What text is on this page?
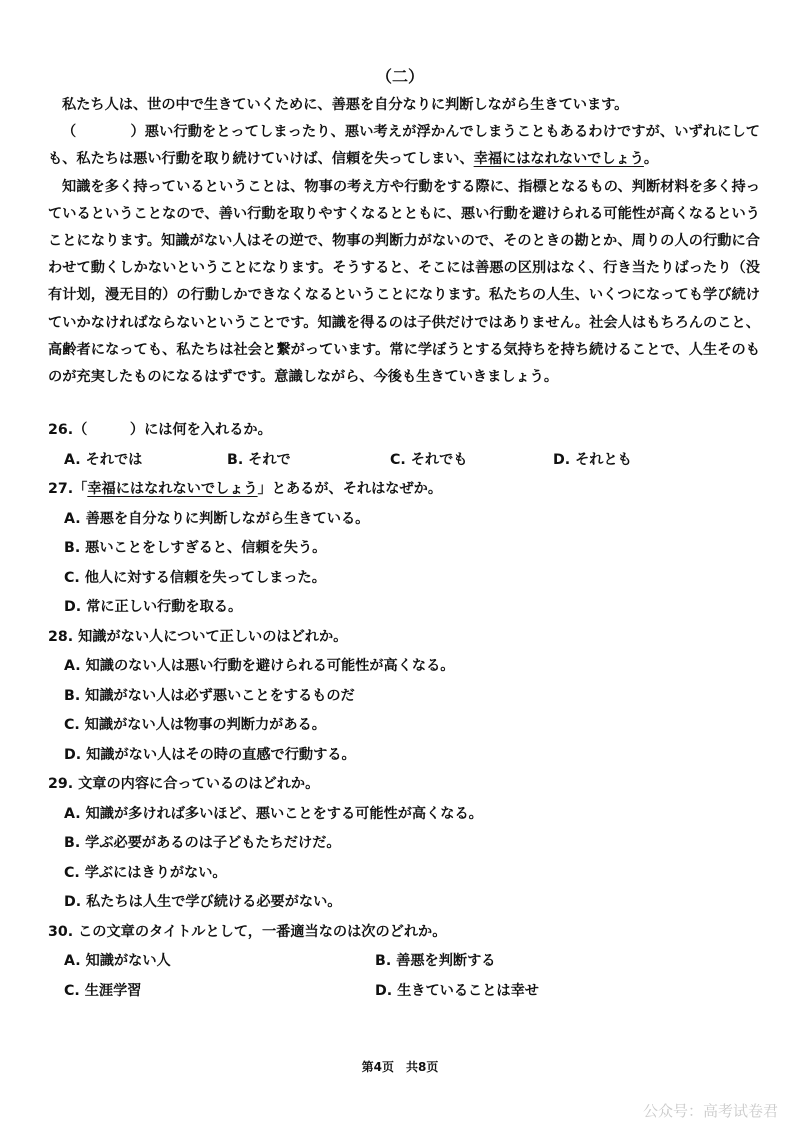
（二）

私たち人は、世の中で生きていくために、善悪を自分なりに判断しながら生きています。

（	）悪い行動をとってしまったり、悪い考えが浮かんでしまうこともあるわけですが、いずれにしても、私たちは悪い行動を取り続けていけば、信頼を失ってしまい、幸福にはなれないでしょう。

知識を多く持っているということは、物事の考え方や行動をする際に、指標となるもの、判断材料を多く持っているということなので、善い行動を取りやすくなるとともに、悪い行動を避けられる可能性が高くなるということになります。知識がない人はその逆で、物事の判断力がないので、そのときの勘とか、周りの人の行動に合わせて動くしかないということになります。そうすると、そこには善悪の区別はなく、行き当たりばったり（没有计划，漫无目的）の行動しかできなくなるということになります。私たちの人生、いくつになっても学び続けていかなければならないということです。知識を得るのは子供だけではありません。社会人はもちろんのこと、高齢者になっても、私たちは社会と繋がっています。常に学ぼうとする気持ちを持ち続けることで、人生そのものが充実したものになるはずです。意識しながら、今後も生きていきましょう。

26.（　　　）には何を入れるか。
A. それでは	B. それで	C. それでも	D. それとも
27.「幸福にはなれないでしょう」とあるが、それはなぜか。
A. 善悪を自分なりに判断しながら生きている。
B. 悪いことをしすぎると、信頼を失う。
C. 他人に対する信頼を失ってしまった。
D. 常に正しい行動を取る。
28. 知識がない人について正しいのはどれか。
A. 知識のない人は悪い行動を避けられる可能性が高くなる。
B. 知識がない人は必ず悪いことをするものだ
C. 知識がない人は物事の判断力がある。
D. 知識がない人はその時の直感で行動する。
29. 文章の内容に合っているのはどれか。
A. 知識が多ければ多いほど、悪いことをする可能性が高くなる。
B. 学ぶ必要があるのは子どもたちだけだ。
C. 学ぶにはきりがない。
D. 私たちは人生で学び続ける必要がない。
30. この文章のタイトルとして，一番適当なのは次のどれか。
A. 知識がない人	B. 善悪を判断する
C. 生涯学習	D. 生きていることは幸せ
第4页　共8页
公众号：高考试卷君
